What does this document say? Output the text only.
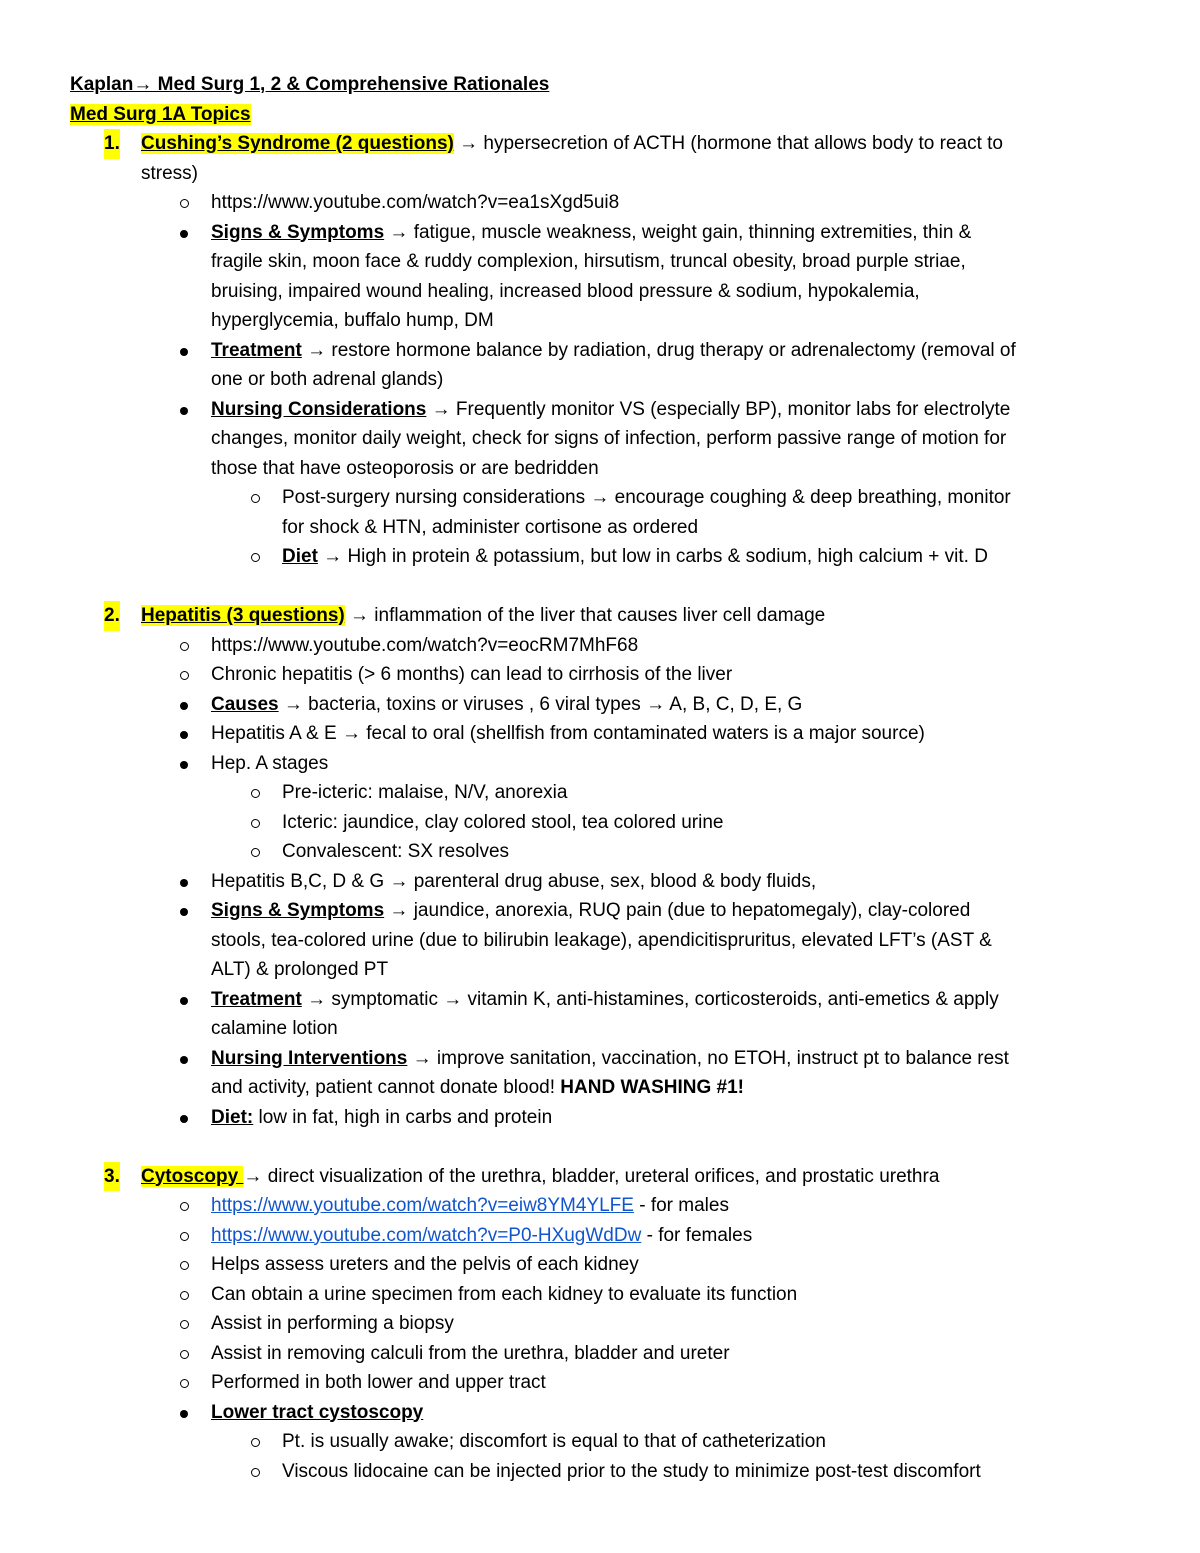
Kaplan→ Med Surg 1, 2 & Comprehensive Rationales
Med Surg 1A Topics
1. Cushing’s Syndrome (2 questions) → hypersecretion of ACTH (hormone that allows body to react to
stress)
https://www.youtube.com/watch?v=ea1sXgd5ui8
Signs & Symptoms → fatigue, muscle weakness, weight gain, thinning extremities, thin &
fragile skin, moon face & ruddy complexion, hirsutism, truncal obesity, broad purple striae,
bruising, impaired wound healing, increased blood pressure & sodium, hypokalemia,
hyperglycemia, buffalo hump, DM
Treatment → restore hormone balance by radiation, drug therapy or adrenalectomy (removal of
one or both adrenal glands)
Nursing Considerations → Frequently monitor VS (especially BP), monitor labs for electrolyte
changes, monitor daily weight, check for signs of infection, perform passive range of motion for
those that have osteoporosis or are bedridden
Post-surgery nursing considerations → encourage coughing & deep breathing, monitor
for shock & HTN, administer cortisone as ordered
Diet → High in protein & potassium, but low in carbs & sodium, high calcium + vit. D
2. Hepatitis (3 questions) → inflammation of the liver that causes liver cell damage
https://www.youtube.com/watch?v=eocRM7MhF68
Chronic hepatitis (> 6 months) can lead to cirrhosis of the liver
Causes → bacteria, toxins or viruses , 6 viral types → A, B, C, D, E, G
Hepatitis A & E → fecal to oral (shellfish from contaminated waters is a major source)
Hep. A stages
Pre-icteric: malaise, N/V, anorexia
Icteric: jaundice, clay colored stool, tea colored urine
Convalescent: SX resolves
Hepatitis B,C, D & G → parenteral drug abuse, sex, blood & body fluids,
Signs & Symptoms → jaundice, anorexia, RUQ pain (due to hepatomegaly), clay-colored
stools, tea-colored urine (due to bilirubin leakage), apendicitispruritus, elevated LFT’s (AST &
ALT) & prolonged PT
Treatment → symptomatic → vitamin K, anti-histamines, corticosteroids, anti-emetics & apply
calamine lotion
Nursing Interventions → improve sanitation, vaccination, no ETOH, instruct pt to balance rest
and activity, patient cannot donate blood! HAND WASHING #1!
Diet: low in fat, high in carbs and protein
3. Cytoscopy → direct visualization of the urethra, bladder, ureteral orifices, and prostatic urethra
https://www.youtube.com/watch?v=eiw8YM4YLFE - for males
https://www.youtube.com/watch?v=P0-HXugWdDw - for females
Helps assess ureters and the pelvis of each kidney
Can obtain a urine specimen from each kidney to evaluate its function
Assist in performing a biopsy
Assist in removing calculi from the urethra, bladder and ureter
Performed in both lower and upper tract
Lower tract cystoscopy
Pt. is usually awake; discomfort is equal to that of catheterization
Viscous lidocaine can be injected prior to the study to minimize post-test discomfort
